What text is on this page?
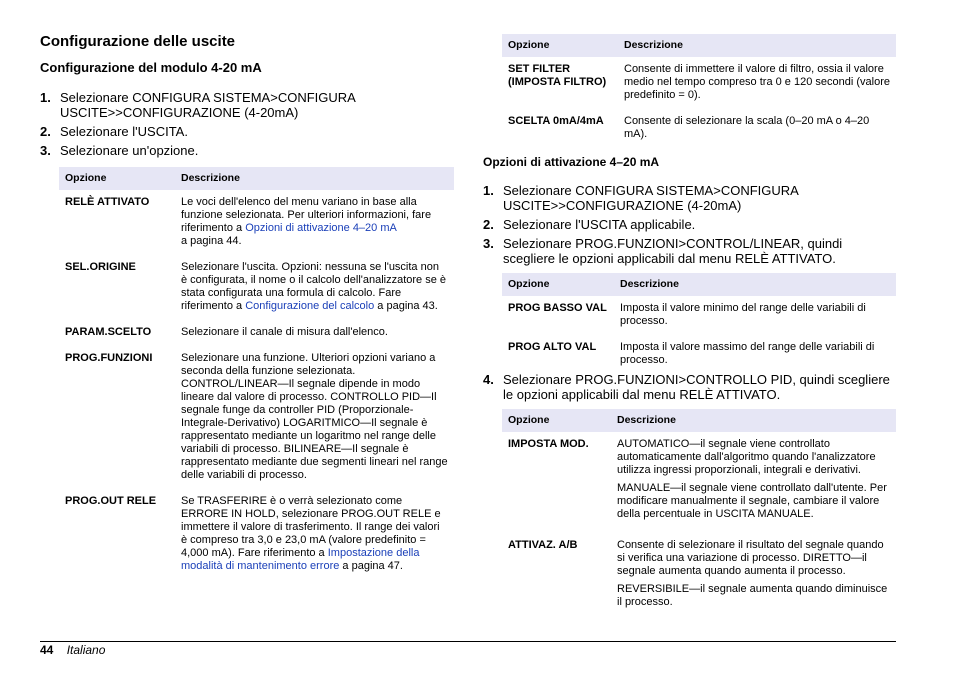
Configurazione delle uscite
Configurazione del modulo 4-20 mA
1. Selezionare CONFIGURA SISTEMA>CONFIGURA USCITE>>CONFIGURAZIONE (4-20mA)
2. Selezionare l'USCITA.
3. Selezionare un'opzione.
Opzione	Descrizione
RELÈ ATTIVATO	Le voci dell'elenco del menu variano in base alla funzione selezionata. Per ulteriori informazioni, fare riferimento a Opzioni di attivazione 4–20 mA
a pagina 44.
SEL.ORIGINE	Selezionare l'uscita. Opzioni: nessuna se l'uscita non è configurata, il nome o il calcolo dell'analizzatore se è stata configurata una formula di calcolo. Fare riferimento a Configurazione del calcolo a pagina 43.
PARAM.SCELTO	Selezionare il canale di misura dall'elenco.
PROG.FUNZIONI	Selezionare una funzione. Ulteriori opzioni variano a seconda della funzione selezionata. CONTROL/LINEAR—Il segnale dipende in modo lineare dal valore di processo. CONTROLLO PID—Il segnale funge da controller PID (Proporzionale-Integrale-Derivativo) LOGARITMICO—Il segnale è rappresentato mediante un logaritmo nel range delle variabili di processo. BILINEARE—Il segnale è rappresentato mediante due segmenti lineari nel range delle variabili di processo.
PROG.OUT RELE	Se TRASFERIRE è o verrà selezionato come ERRORE IN HOLD, selezionare PROG.OUT RELE e immettere il valore di trasferimento. Il range dei valori è compreso tra 3,0 e 23,0 mA (valore predefinito = 4,000 mA). Fare riferimento a Impostazione della modalità di mantenimento errore a pagina 47.
Opzione	Descrizione
SET FILTER (IMPOSTA FILTRO)	Consente di immettere il valore di filtro, ossia il valore medio nel tempo compreso tra 0 e 120 secondi (valore predefinito = 0).
SCELTA 0mA/4mA	Consente di selezionare la scala (0–20 mA o 4–20 mA).
Opzioni di attivazione 4–20 mA
1. Selezionare CONFIGURA SISTEMA>CONFIGURA USCITE>>CONFIGURAZIONE (4-20mA)
2. Selezionare l'USCITA applicabile.
3. Selezionare PROG.FUNZIONI>CONTROL/LINEAR, quindi scegliere le opzioni applicabili dal menu RELÈ ATTIVATO.
Opzione	Descrizione
PROG BASSO VAL	Imposta il valore minimo del range delle variabili di processo.
PROG ALTO VAL	Imposta il valore massimo del range delle variabili di processo.
4. Selezionare PROG.FUNZIONI>CONTROLLO PID, quindi scegliere le opzioni applicabili dal menu RELÈ ATTIVATO.
Opzione	Descrizione
IMPOSTA MOD.	AUTOMATICO—il segnale viene controllato automaticamente dall'algoritmo quando l'analizzatore utilizza ingressi proporzionali, integrali e derivativi.

MANUALE—il segnale viene controllato dall'utente. Per modificare manualmente il segnale, cambiare il valore della percentuale in USCITA MANUALE.

ATTIVAZ. A/B	Consente di selezionare il risultato del segnale quando si verifica una variazione di processo. DIRETTO—il segnale aumenta quando aumenta il processo.

REVERSIBILE—il segnale aumenta quando diminuisce il processo.

44 Italiano
